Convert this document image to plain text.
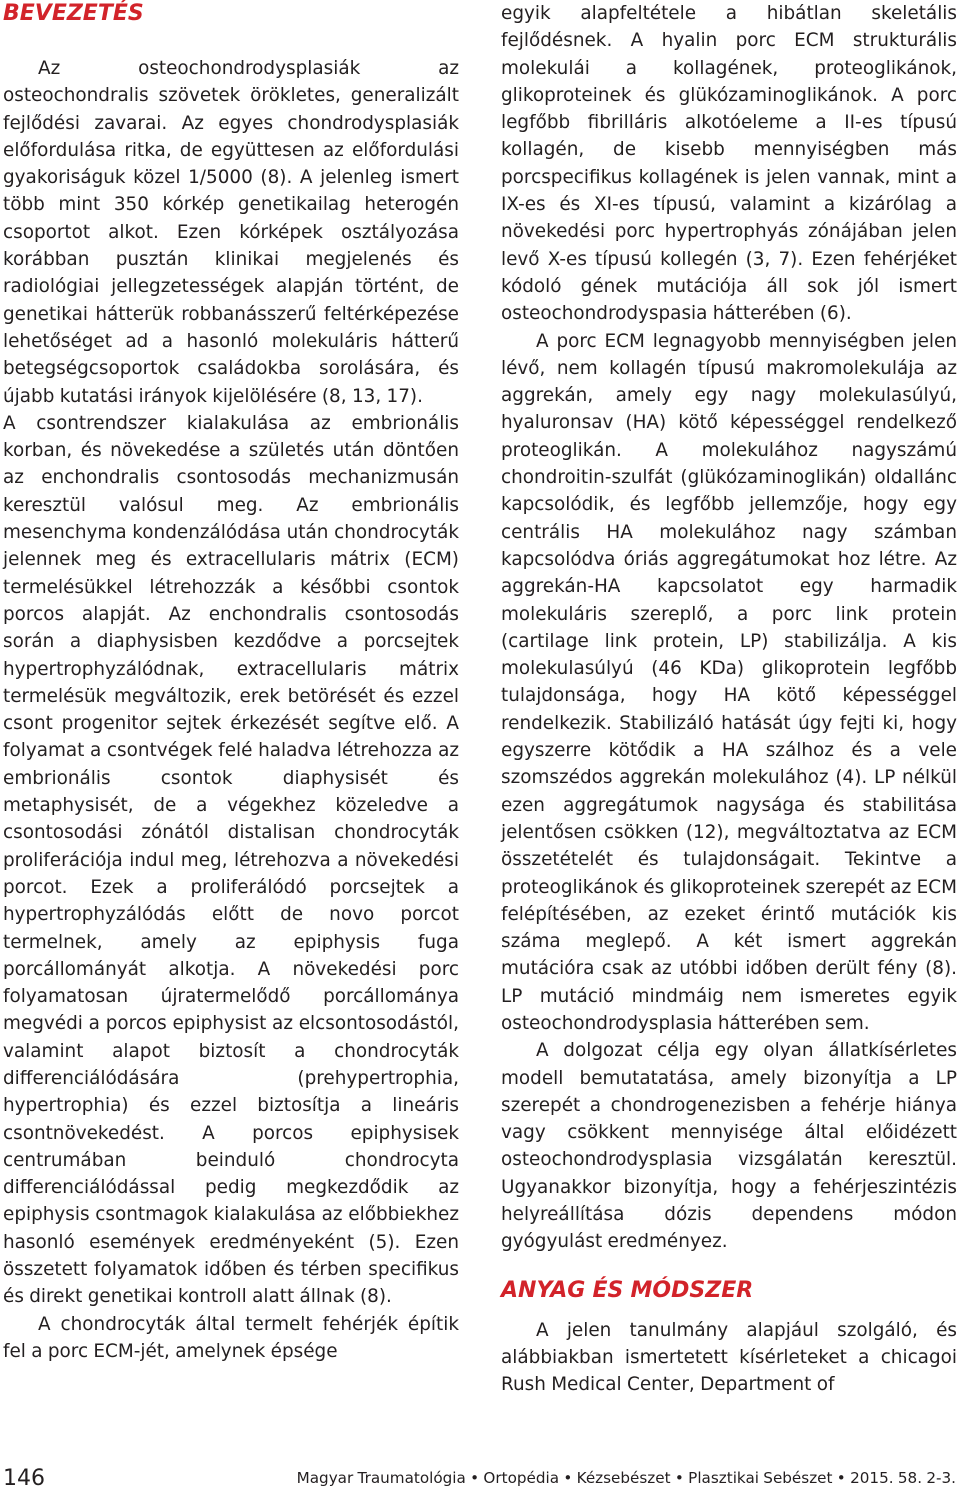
BEVEZETÉS

Az osteochondrodysplasiák az osteochondralis szövetek örökletes, generalizált fejlődési zavarai. Az egyes chondrodysplasiák előfordulása ritka, de együttesen az előfordulási gyakoriságuk közel 1/5000 (8). A jelenleg ismert több mint 350 kórkép genetikailag heterogén csoportot alkot. Ezen kórképek osztályozása korábban pusztán klinikai megjelenés és radiológiai jellegzetességek alapján történt, de genetikai hátterük robbanásszerű feltérképezése lehetőséget ad a hasonló molekuláris hátterű betegségcsoportok családokba sorolására, és újabb kutatási irányok kijelölésére (8, 13, 17).

A csontrendszer kialakulása az embrionális korban, és növekedése a születés után döntően az enchondralis csontosodás mechanizmusán keresztül valósul meg. Az embrionális mesenchyma kondenzálódása után chondrocyták jelennek meg és extracellularis mátrix (ECM) termelésükkel létrehozzák a későbbi csontok porcos alapját. Az enchondralis csontosodás során a diaphysisben kezdődve a porcsejtek hypertrophyzálódnak, extracellularis mátrix termelésük megváltozik, erek betörését és ezzel csont progenitor sejtek érkezését segítve elő. A folyamat a csontvégek felé haladva létrehozza az embrionális csontok diaphysisét és metaphysisét, de a végekhez közeledve a csontosodási zónától distalisan chondrocyták proliferációja indul meg, létrehozva a növekedési porcot. Ezek a proliferálódó porcsejtek a hypertrophyzálódás előtt de novo porcot termelnek, amely az epiphysis fuga porcállományát alkotja. A növekedési porc folyamatosan újratermelődő porcállománya megvédi a porcos epiphysist az elcsontosodástól, valamint alapot biztosít a chondrocyták differenciálódására (prehypertrophia, hypertrophia) és ezzel biztosítja a lineáris csontnövekedést. A porcos epiphysisek centrumában beinduló chondrocyta differenciálódással pedig megkezdődik az epiphysis csontmagok kialakulása az előbbiekhez hasonló események eredményeként (5). Ezen összetett folyamatok időben és térben specifikus és direkt genetikai kontroll alatt állnak (8).

A chondrocyták által termelt fehérjék építik fel a porc ECM-jét, amelynek épsége

egyik alapfeltétele a hibátlan skeletális fejlődésnek. A hyalin porc ECM strukturális molekulái a kollagének, proteoglikánok, glikoproteinek és glükózaminoglikánok. A porc legfőbb fibrilláris alkotóeleme a II-es típusú kollagén, de kisebb mennyiségben más porcspecifikus kollagének is jelen vannak, mint a IX-es és XI-es típusú, valamint a kizárólag a növekedési porc hypertrophyás zónájában jelen levő X-es típusú kollegén (3, 7). Ezen fehérjéket kódoló gének mutációja áll sok jól ismert osteochondrodyspasia hátterében (6).

A porc ECM legnagyobb mennyiségben jelen lévő, nem kollagén típusú makromolekulája az aggrekán, amely egy nagy molekulasúlyú, hyaluronsav (HA) kötő képességgel rendelkező proteoglikán. A molekulához nagyszámú chondroitin-szulfát (glükózaminoglikán) oldallánc kapcsolódik, és legfőbb jellemzője, hogy egy centrális HA molekulához nagy számban kapcsolódva óriás aggregátumokat hoz létre. Az aggrekán-HA kapcsolatot egy harmadik molekuláris szereplő, a porc link protein (cartilage link protein, LP) stabilizálja. A kis molekulasúlyú (46 KDa) glikoprotein legfőbb tulajdonsága, hogy HA kötő képességgel rendelkezik. Stabilizáló hatását úgy fejti ki, hogy egyszerre kötődik a HA szálhoz és a vele szomszédos aggrekán molekulához (4). LP nélkül ezen aggregátumok nagysága és stabilitása jelentősen csökken (12), megváltoztatva az ECM összetételét és tulajdonságait. Tekintve a proteoglikánok és glikoproteinek szerepét az ECM felépítésében, az ezeket érintő mutációk kis száma meglepő. A két ismert aggrekán mutációra csak az utóbbi időben derült fény (8). LP mutáció mindmáig nem ismeretes egyik osteochondrodysplasia hátterében sem.

A dolgozat célja egy olyan állatkísérletes modell bemutatatása, amely bizonyítja a LP szerepét a chondrogenezisben a fehérje hiánya vagy csökkent mennyisége által előidézett osteochondrodysplasia vizsgálatán keresztül. Ugyanakkor bizonyítja, hogy a fehérjeszintézis helyreállítása dózis dependens módon gyógyulást eredményez.

ANYAG ÉS MÓDSZER

A jelen tanulmány alapjául szolgáló, és alábbiakban ismertetett kísérleteket a chicagoi Rush Medical Center, Department of

146	Magyar Traumatológia • Ortopédia • Kézsebészet • Plasztikai Sebészet • 2015. 58. 2-3.
